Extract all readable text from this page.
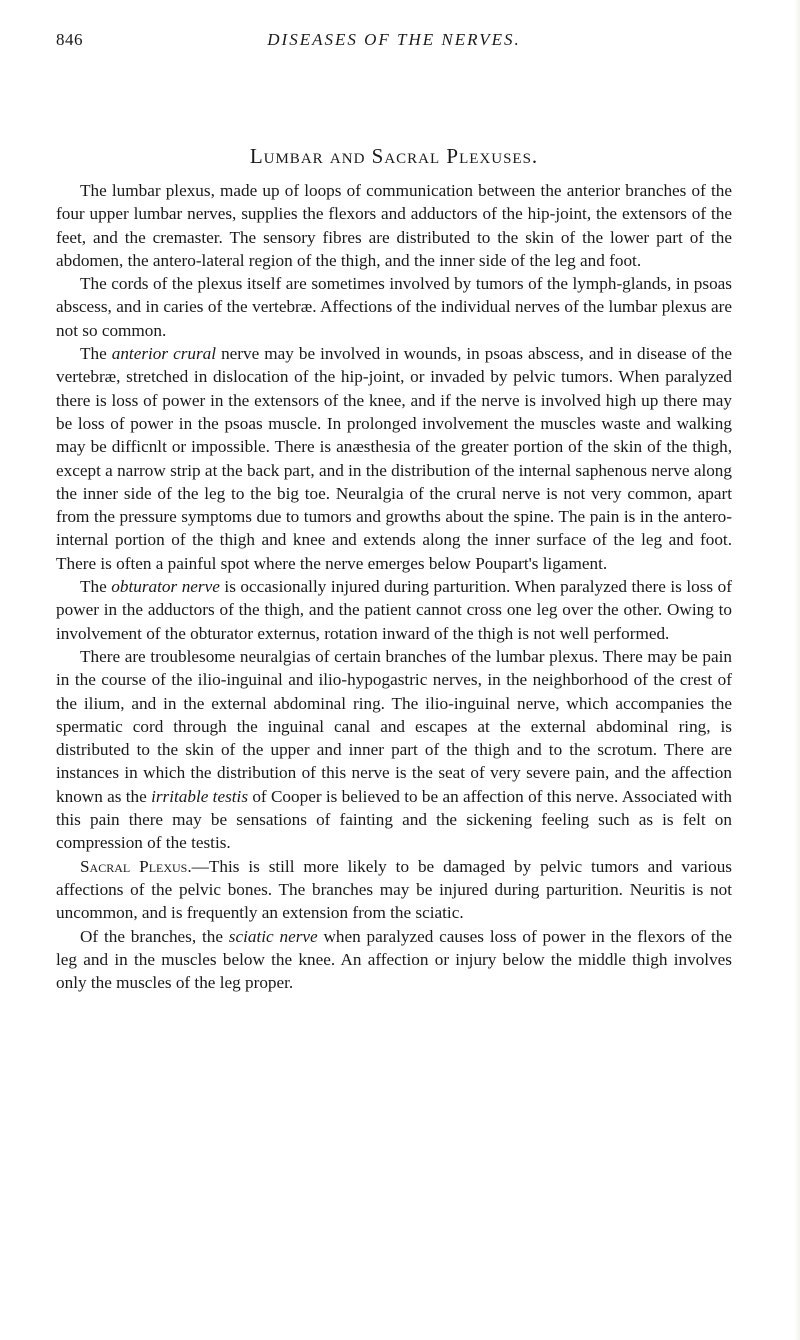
846	DISEASES OF THE NERVES.
Lumbar and Sacral Plexuses.

The lumbar plexus, made up of loops of communication between the anterior branches of the four upper lumbar nerves, supplies the flexors and adductors of the hip-joint, the extensors of the feet, and the cremaster. The sensory fibres are distributed to the skin of the lower part of the abdomen, the antero-lateral region of the thigh, and the inner side of the leg and foot.

The cords of the plexus itself are sometimes involved by tumors of the lymph-glands, in psoas abscess, and in caries of the vertebræ. Affections of the individual nerves of the lumbar plexus are not so common.

The anterior crural nerve may be involved in wounds, in psoas abscess, and in disease of the vertebræ, stretched in dislocation of the hip-joint, or invaded by pelvic tumors. When paralyzed there is loss of power in the extensors of the knee, and if the nerve is involved high up there may be loss of power in the psoas muscle. In prolonged involvement the muscles waste and walking may be difficnlt or impossible. There is anæsthesia of the greater portion of the skin of the thigh, except a narrow strip at the back part, and in the distribution of the internal saphenous nerve along the inner side of the leg to the big toe. Neuralgia of the crural nerve is not very common, apart from the pressure symptoms due to tumors and growths about the spine. The pain is in the antero-internal portion of the thigh and knee and extends along the inner surface of the leg and foot. There is often a painful spot where the nerve emerges below Poupart's ligament.

The obturator nerve is occasionally injured during parturition. When paralyzed there is loss of power in the adductors of the thigh, and the patient cannot cross one leg over the other. Owing to involvement of the obturator externus, rotation inward of the thigh is not well performed.

There are troublesome neuralgias of certain branches of the lumbar plexus. There may be pain in the course of the ilio-inguinal and ilio-hypogastric nerves, in the neighborhood of the crest of the ilium, and in the external abdominal ring. The ilio-inguinal nerve, which accompanies the spermatic cord through the inguinal canal and escapes at the external abdominal ring, is distributed to the skin of the upper and inner part of the thigh and to the scrotum. There are instances in which the distribution of this nerve is the seat of very severe pain, and the affection known as the irritable testis of Cooper is believed to be an affection of this nerve. Associated with this pain there may be sensations of fainting and the sickening feeling such as is felt on compression of the testis.

Sacral Plexus.—This is still more likely to be damaged by pelvic tumors and various affections of the pelvic bones. The branches may be injured during parturition. Neuritis is not uncommon, and is frequently an extension from the sciatic.

Of the branches, the sciatic nerve when paralyzed causes loss of power in the flexors of the leg and in the muscles below the knee. An affection or injury below the middle thigh involves only the muscles of the leg proper.
